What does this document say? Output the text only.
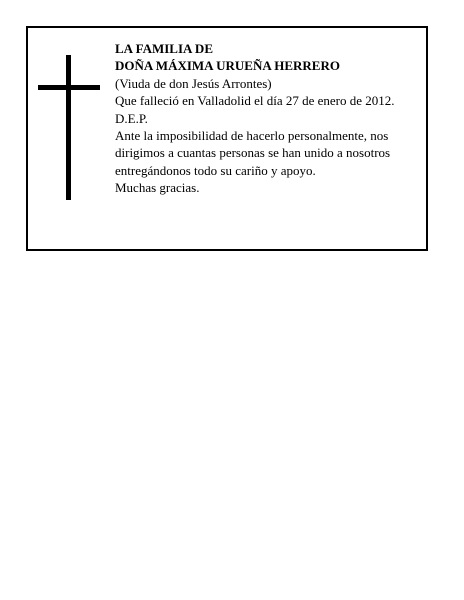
LA FAMILIA DE
DOÑA MÁXIMA URUEÑA HERRERO
(Viuda de don Jesús Arrontes)
Que falleció en Valladolid el día 27 de enero de 2012.
D.E.P.
Ante la imposibilidad de hacerlo personalmente, nos
dirigimos a cuantas personas se han unido a nosotros
entregándonos todo su cariño y apoyo.
Muchas gracias.
